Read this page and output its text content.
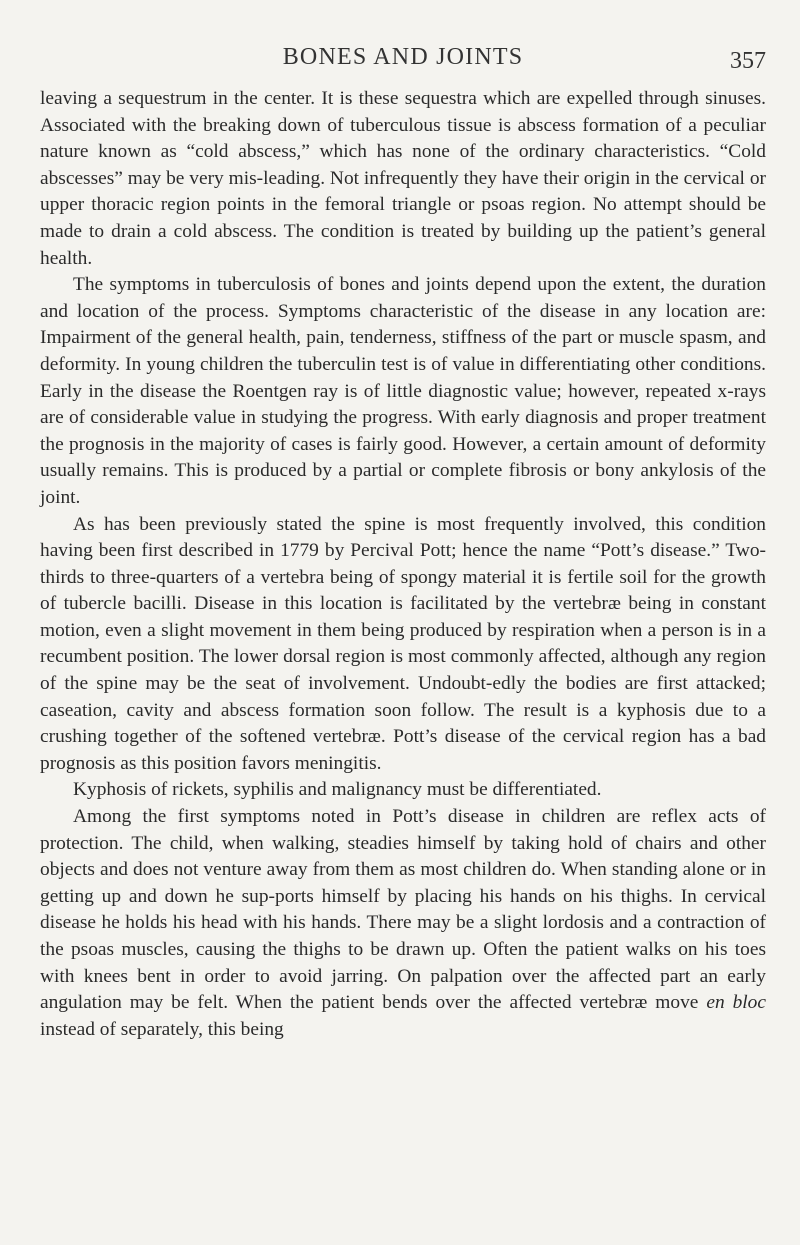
BONES AND JOINTS	357

leaving a sequestrum in the center. It is these sequestra which are expelled through sinuses. Associated with the breaking down of tuberculous tissue is abscess formation of a peculiar nature known as “cold abscess,” which has none of the ordinary characteristics. “Cold abscesses” may be very mis-leading. Not infrequently they have their origin in the cervical or upper thoracic region points in the femoral triangle or psoas region. No attempt should be made to drain a cold abscess. The condition is treated by building up the patient’s general health.

The symptoms in tuberculosis of bones and joints depend upon the extent, the duration and location of the process. Symptoms characteristic of the disease in any location are: Impairment of the general health, pain, tenderness, stiffness of the part or muscle spasm, and deformity. In young children the tuberculin test is of value in differentiating other conditions. Early in the disease the Roentgen ray is of little diagnostic value; however, repeated x-rays are of considerable value in studying the progress. With early diagnosis and proper treatment the prognosis in the majority of cases is fairly good. However, a certain amount of deformity usually remains. This is produced by a partial or complete fibrosis or bony ankylosis of the joint.

As has been previously stated the spine is most frequently involved, this condition having been first described in 1779 by Percival Pott; hence the name “Pott’s disease.” Two-thirds to three-quarters of a vertebra being of spongy material it is fertile soil for the growth of tubercle bacilli. Disease in this location is facilitated by the vertebræ being in constant motion, even a slight movement in them being produced by respiration when a person is in a recumbent position. The lower dorsal region is most commonly affected, although any region of the spine may be the seat of involvement. Undoubt-edly the bodies are first attacked; caseation, cavity and abscess formation soon follow. The result is a kyphosis due to a crushing together of the softened vertebræ. Pott’s disease of the cervical region has a bad prognosis as this position favors meningitis.

Kyphosis of rickets, syphilis and malignancy must be differentiated.

Among the first symptoms noted in Pott’s disease in children are reflex acts of protection. The child, when walking, steadies himself by taking hold of chairs and other objects and does not venture away from them as most children do. When standing alone or in getting up and down he sup-ports himself by placing his hands on his thighs. In cervical disease he holds his head with his hands. There may be a slight lordosis and a contraction of the psoas muscles, causing the thighs to be drawn up. Often the patient walks on his toes with knees bent in order to avoid jarring. On palpation over the affected part an early angulation may be felt. When the patient bends over the affected vertebræ move en bloc instead of separately, this being
